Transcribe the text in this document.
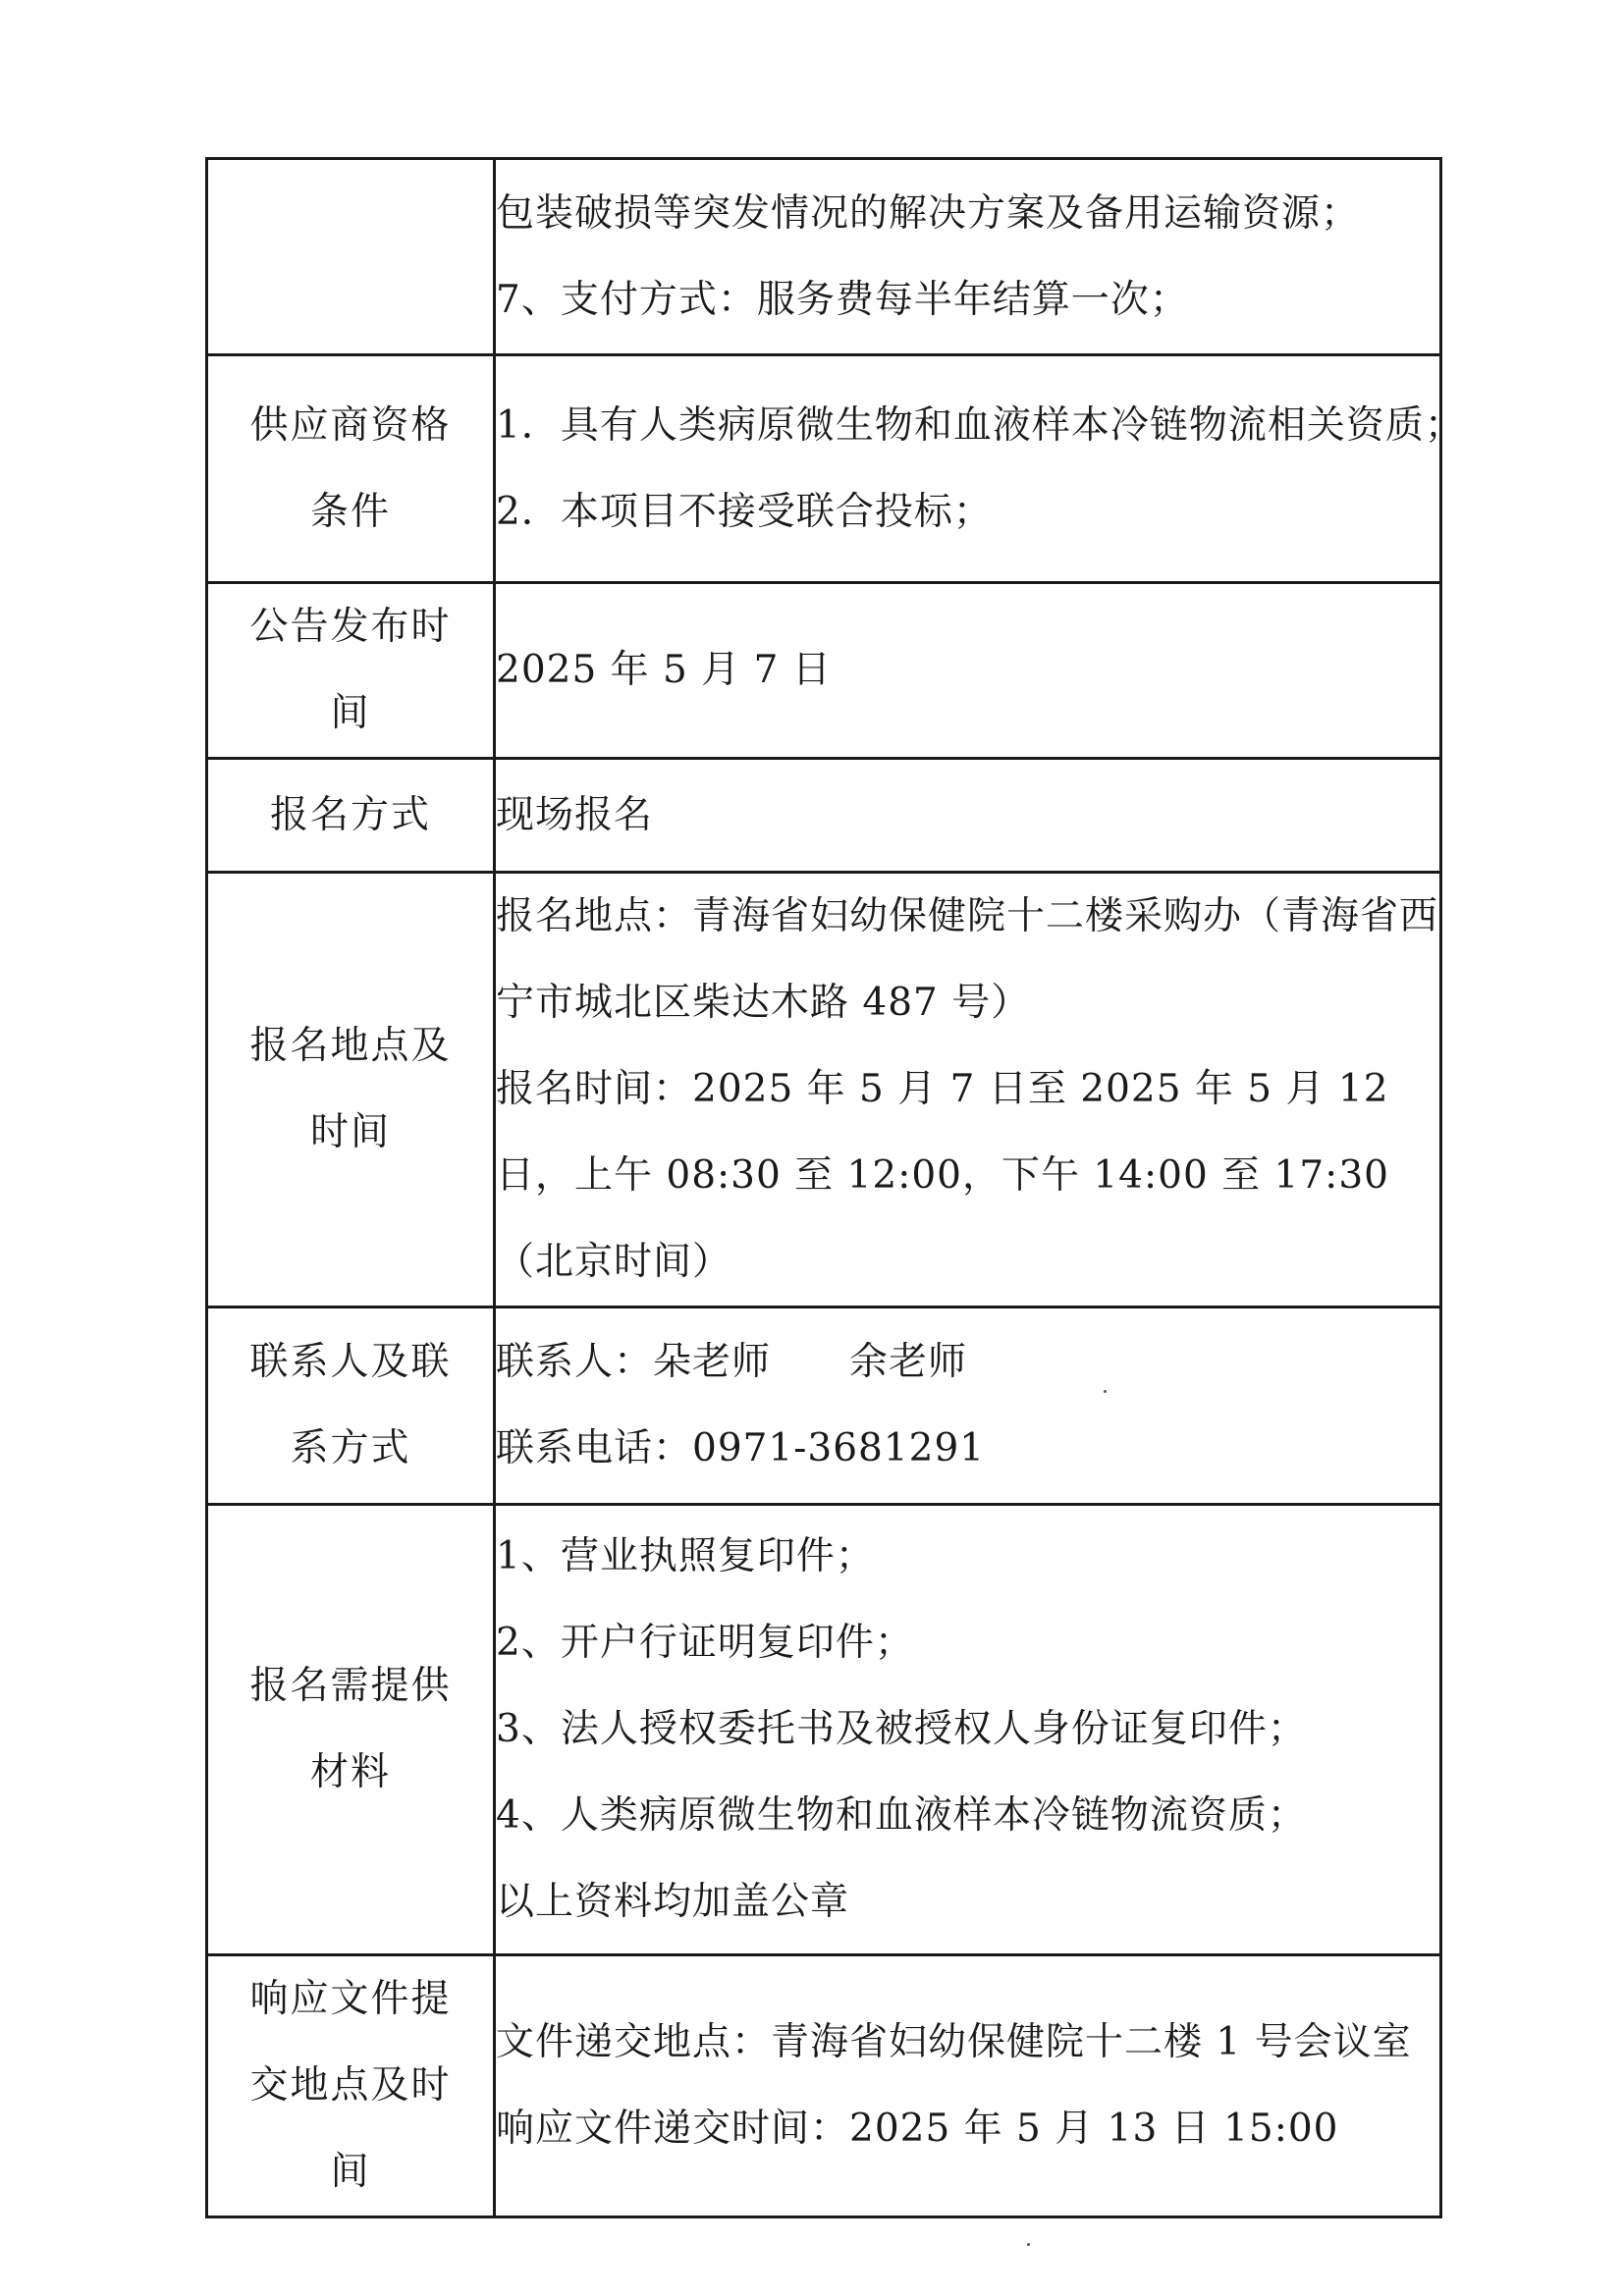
	包装破损等突发情况的解决方案及备用运输资源；
7、支付方式：服务费每半年结算一次；

供应商资格条件	1．具有人类病原微生物和血液样本冷链物流相关资质；
2．本项目不接受联合投标；

公告发布时间	2025 年 5 月 7 日

报名方式	现场报名

报名地点及时间	报名地点：青海省妇幼保健院十二楼采购办（青海省西宁市城北区柴达木路 487 号）
报名时间：2025 年 5 月 7 日至 2025 年 5 月 12 日，上午 08:30 至 12:00，下午 14:00 至 17:30（北京时间）

联系人及联系方式	联系人：朵老师 余老师
联系电话：0971-3681291

报名需提供材料	1、营业执照复印件；
2、开户行证明复印件；
3、法人授权委托书及被授权人身份证复印件；
4、人类病原微生物和血液样本冷链物流资质；
以上资料均加盖公章

响应文件提交地点及时间	文件递交地点：青海省妇幼保健院十二楼 1 号会议室
响应文件递交时间：2025 年 5 月 13 日 15:00
